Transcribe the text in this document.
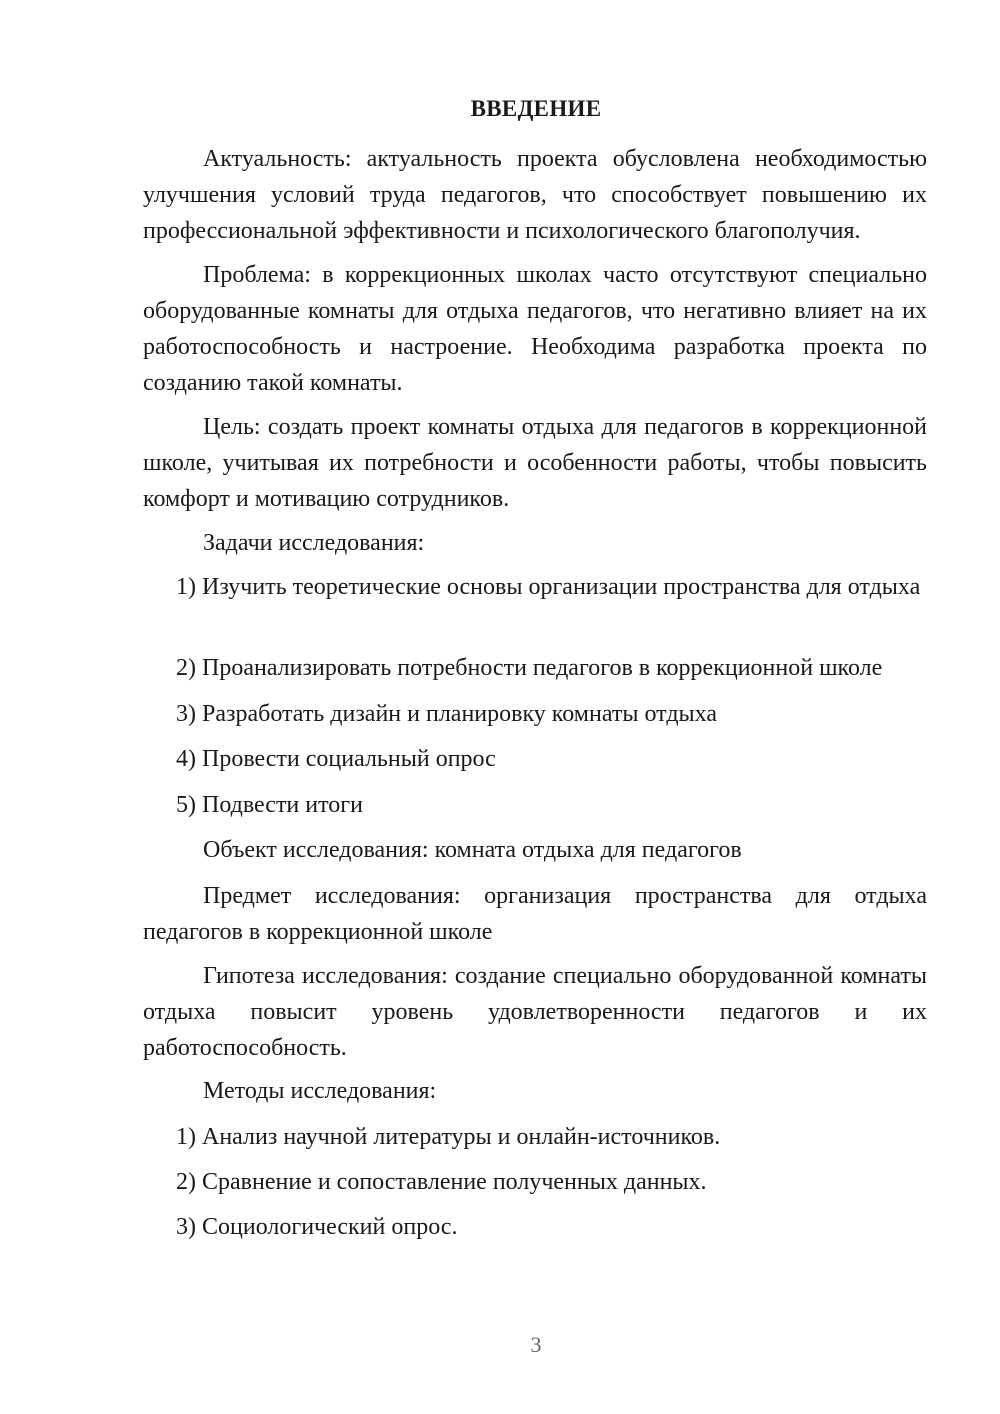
ВВЕДЕНИЕ

Актуальность: актуальность проекта обусловлена необходимостью улучшения условий труда педагогов, что способствует повышению их профессиональной эффективности и психологического благополучия.

Проблема: в коррекционных школах часто отсутствуют специально оборудованные комнаты для отдыха педагогов, что негативно влияет на их работоспособность и настроение. Необходима разработка проекта по созданию такой комнаты.

Цель: создать проект комнаты отдыха для педагогов в коррекционной школе, учитывая их потребности и особенности работы, чтобы повысить комфорт и мотивацию сотрудников.

Задачи исследования:
1) Изучить теоретические основы организации пространства для отдыха
2) Проанализировать потребности педагогов в коррекционной школе
3) Разработать дизайн и планировку комнаты отдыха
4) Провести социальный опрос
5) Подвести итоги
Объект исследования: комната отдыха для педагогов

Предмет исследования: организация пространства для отдыха педагогов в коррекционной школе

Гипотеза исследования: создание специально оборудованной комнаты отдыха повысит уровень удовлетворенности педагогов и их работоспособность.

Методы исследования:
1) Анализ научной литературы и онлайн-источников.
2) Сравнение и сопоставление полученных данных.
3) Социологический опрос.
3
